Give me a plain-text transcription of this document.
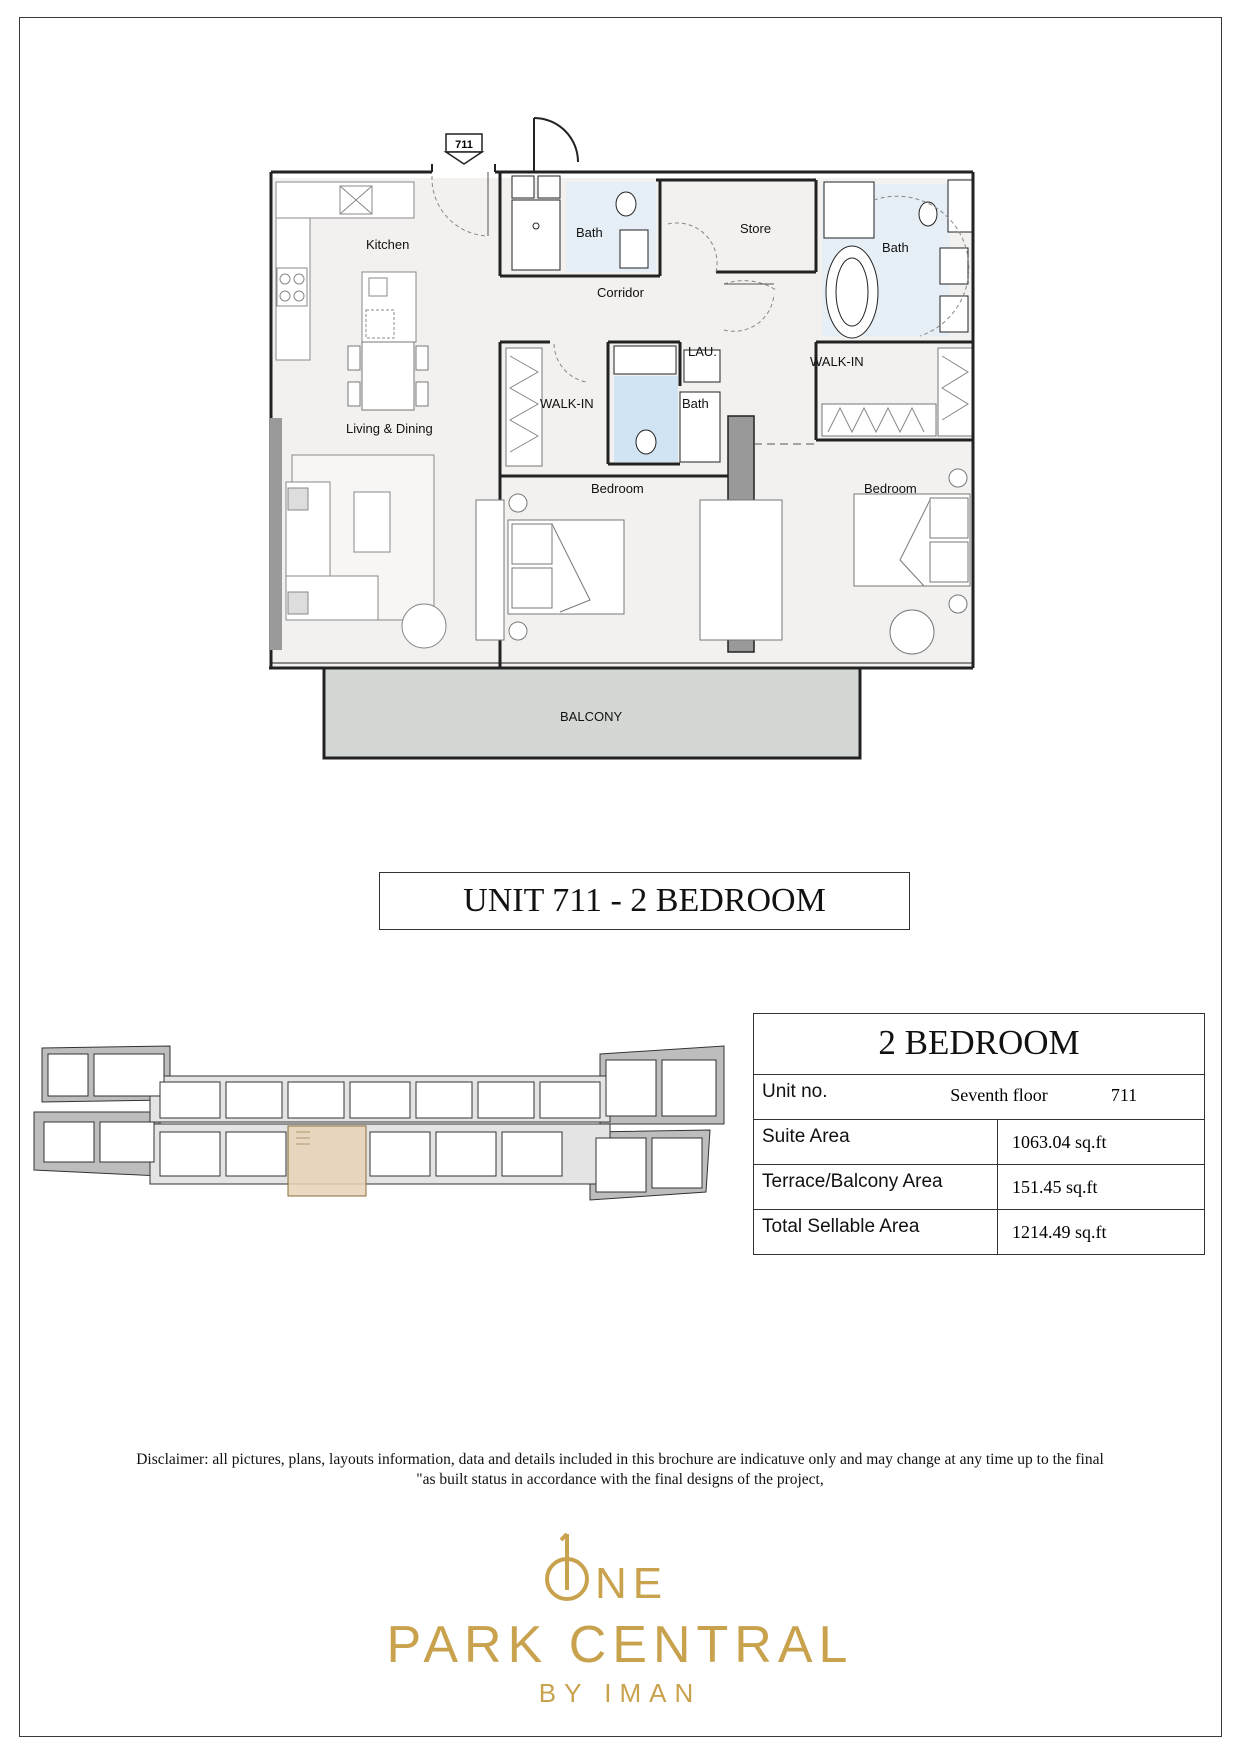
711
Kitchen
Bath	Store
Bath
Corridor
LAU.
WALK-IN
WALK-IN	Bath
Living & Dining
Bedroom	Bedroom
BALCONY
UNIT 711 - 2 BEDROOM
2 BEDROOM
Unit no.	Seventh floor	711
Suite Area	1063.04 sq.ft
Terrace/Balcony Area	151.45 sq.ft
Total Sellable Area	1214.49 sq.ft
Disclaimer: all pictures, plans, layouts information, data and details included in this brochure are indicatuve only and may change at any time up to the final
"as built status in accordance with the final designs of the project,
NE
PARK CENTRAL
BY IMAN
